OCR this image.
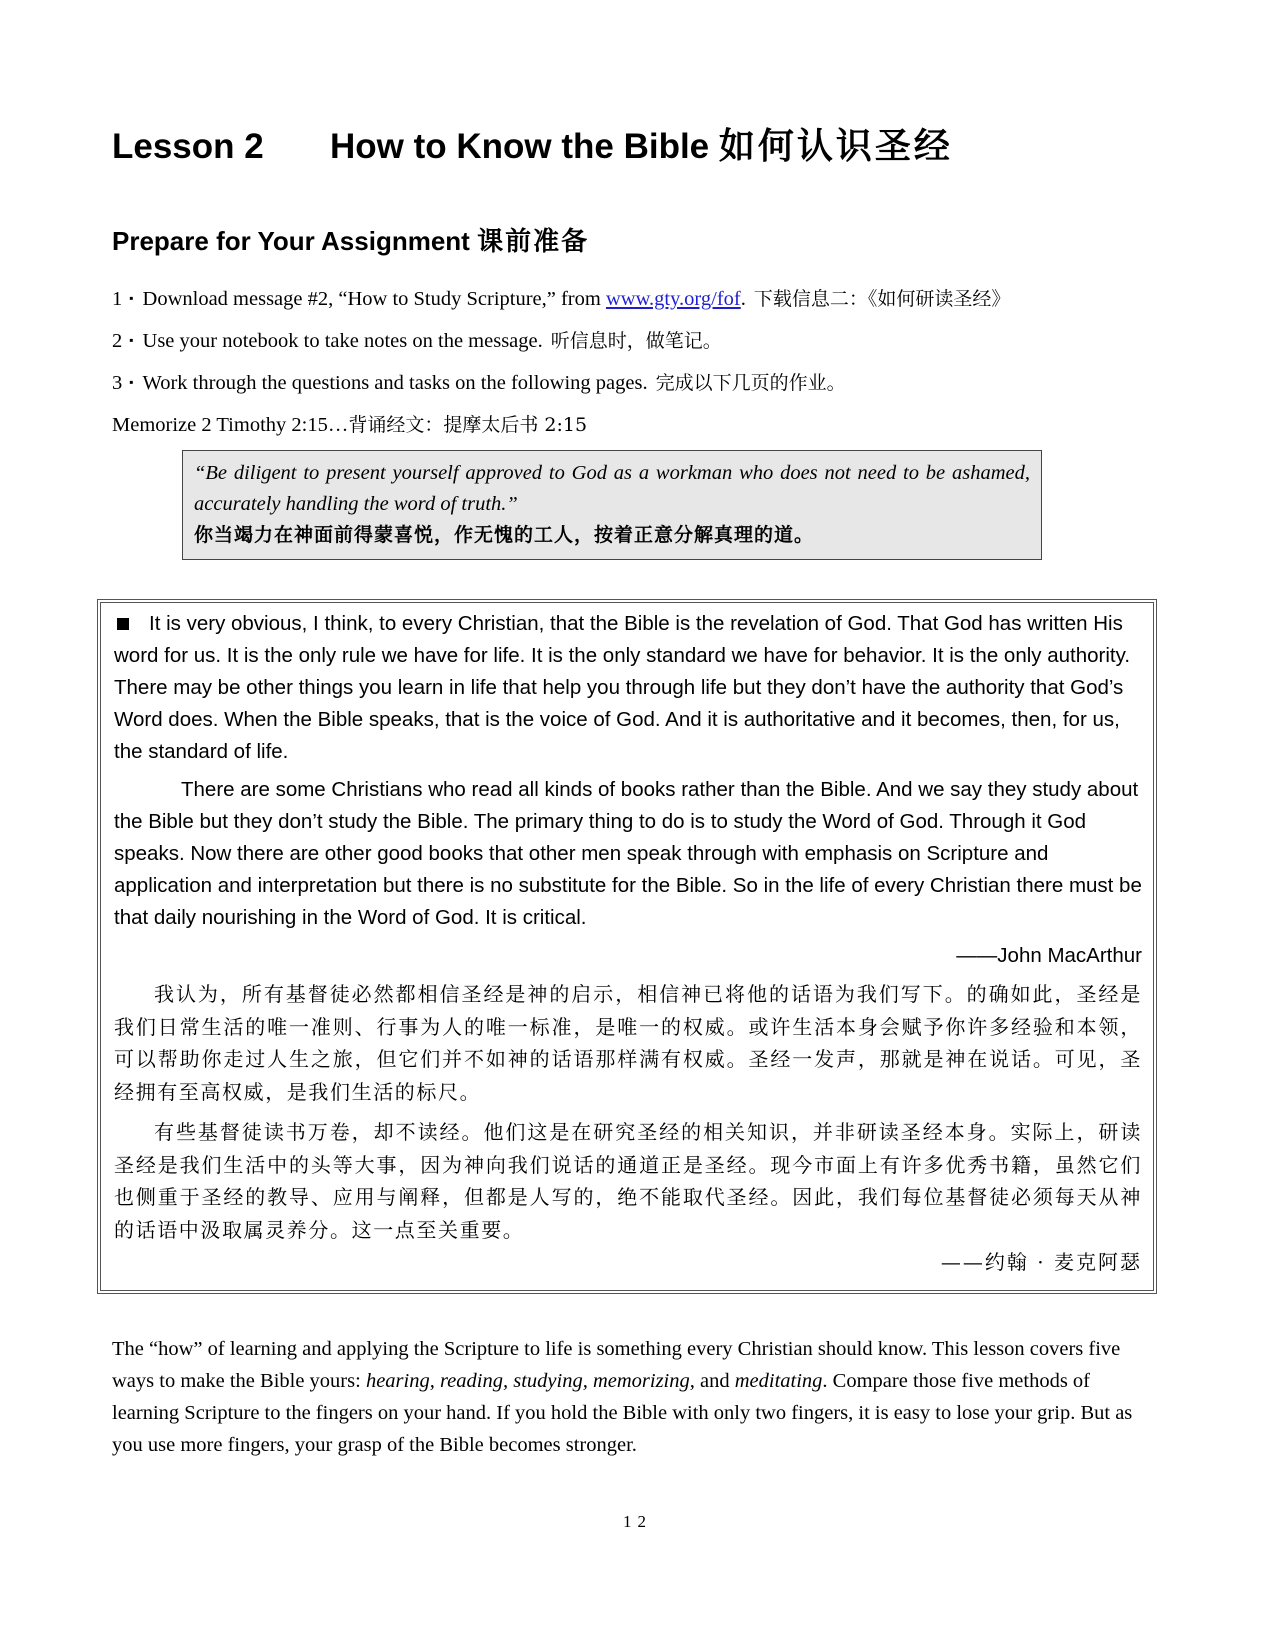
Lesson 2 How to Know the Bible 如何认识圣经
Prepare for Your Assignment 课前准备
1 ▪ Download message #2, “How to Study Scripture,” from www.gty.org/fof. 下载信息二：《如何研读圣经》
2 ▪ Use your notebook to take notes on the message. 听信息时，做笔记。
3 ▪ Work through the questions and tasks on the following pages. 完成以下几页的作业。
Memorize 2 Timothy 2:15…背诵经文：提摩太后书 2:15

“Be diligent to present yourself approved to God as a workman who does not need to be ashamed, accurately handling the word of truth.”

你当竭力在神面前得蒙喜悦，作无愧的工人，按着正意分解真理的道。

It is very obvious, I think, to every Christian, that the Bible is the revelation of God. That God has written His word for us. It is the only rule we have for life. It is the only standard we have for behavior. It is the only authority. There may be other things you learn in life that help you through life but they don’t have the authority that God’s Word does. When the Bible speaks, that is the voice of God. And it is authoritative and it becomes, then, for us, the standard of life.

There are some Christians who read all kinds of books rather than the Bible. And we say they study about the Bible but they don’t study the Bible. The primary thing to do is to study the Word of God. Through it God speaks. Now there are other good books that other men speak through with emphasis on Scripture and application and interpretation but there is no substitute for the Bible. So in the life of every Christian there must be that daily nourishing in the Word of God. It is critical.

——John MacArthur

我认为，所有基督徒必然都相信圣经是神的启示，相信神已将他的话语为我们写下。的确如此，圣经是我们日常生活的唯一准则、行事为人的唯一标准，是唯一的权威。或许生活本身会赋予你许多经验和本领，可以帮助你走过人生之旅，但它们并不如神的话语那样满有权威。圣经一发声，那就是神在说话。可见，圣经拥有至高权威，是我们生活的标尺。

有些基督徒读书万卷，却不读经。他们这是在研究圣经的相关知识，并非研读圣经本身。实际上，研读圣经是我们生活中的头等大事，因为神向我们说话的通道正是圣经。现今市面上有许多优秀书籍，虽然它们也侧重于圣经的教导、应用与阐释，但都是人写的，绝不能取代圣经。因此，我们每位基督徒必须每天从神的话语中汲取属灵养分。这一点至关重要。

——约翰 · 麦克阿瑟

The “how” of learning and applying the Scripture to life is something every Christian should know. This lesson covers five ways to make the Bible yours: hearing, reading, studying, memorizing, and meditating. Compare those five methods of learning Scripture to the fingers on your hand. If you hold the Bible with only two fingers, it is easy to lose your grip. But as you use more fingers, your grasp of the Bible becomes stronger.

12
